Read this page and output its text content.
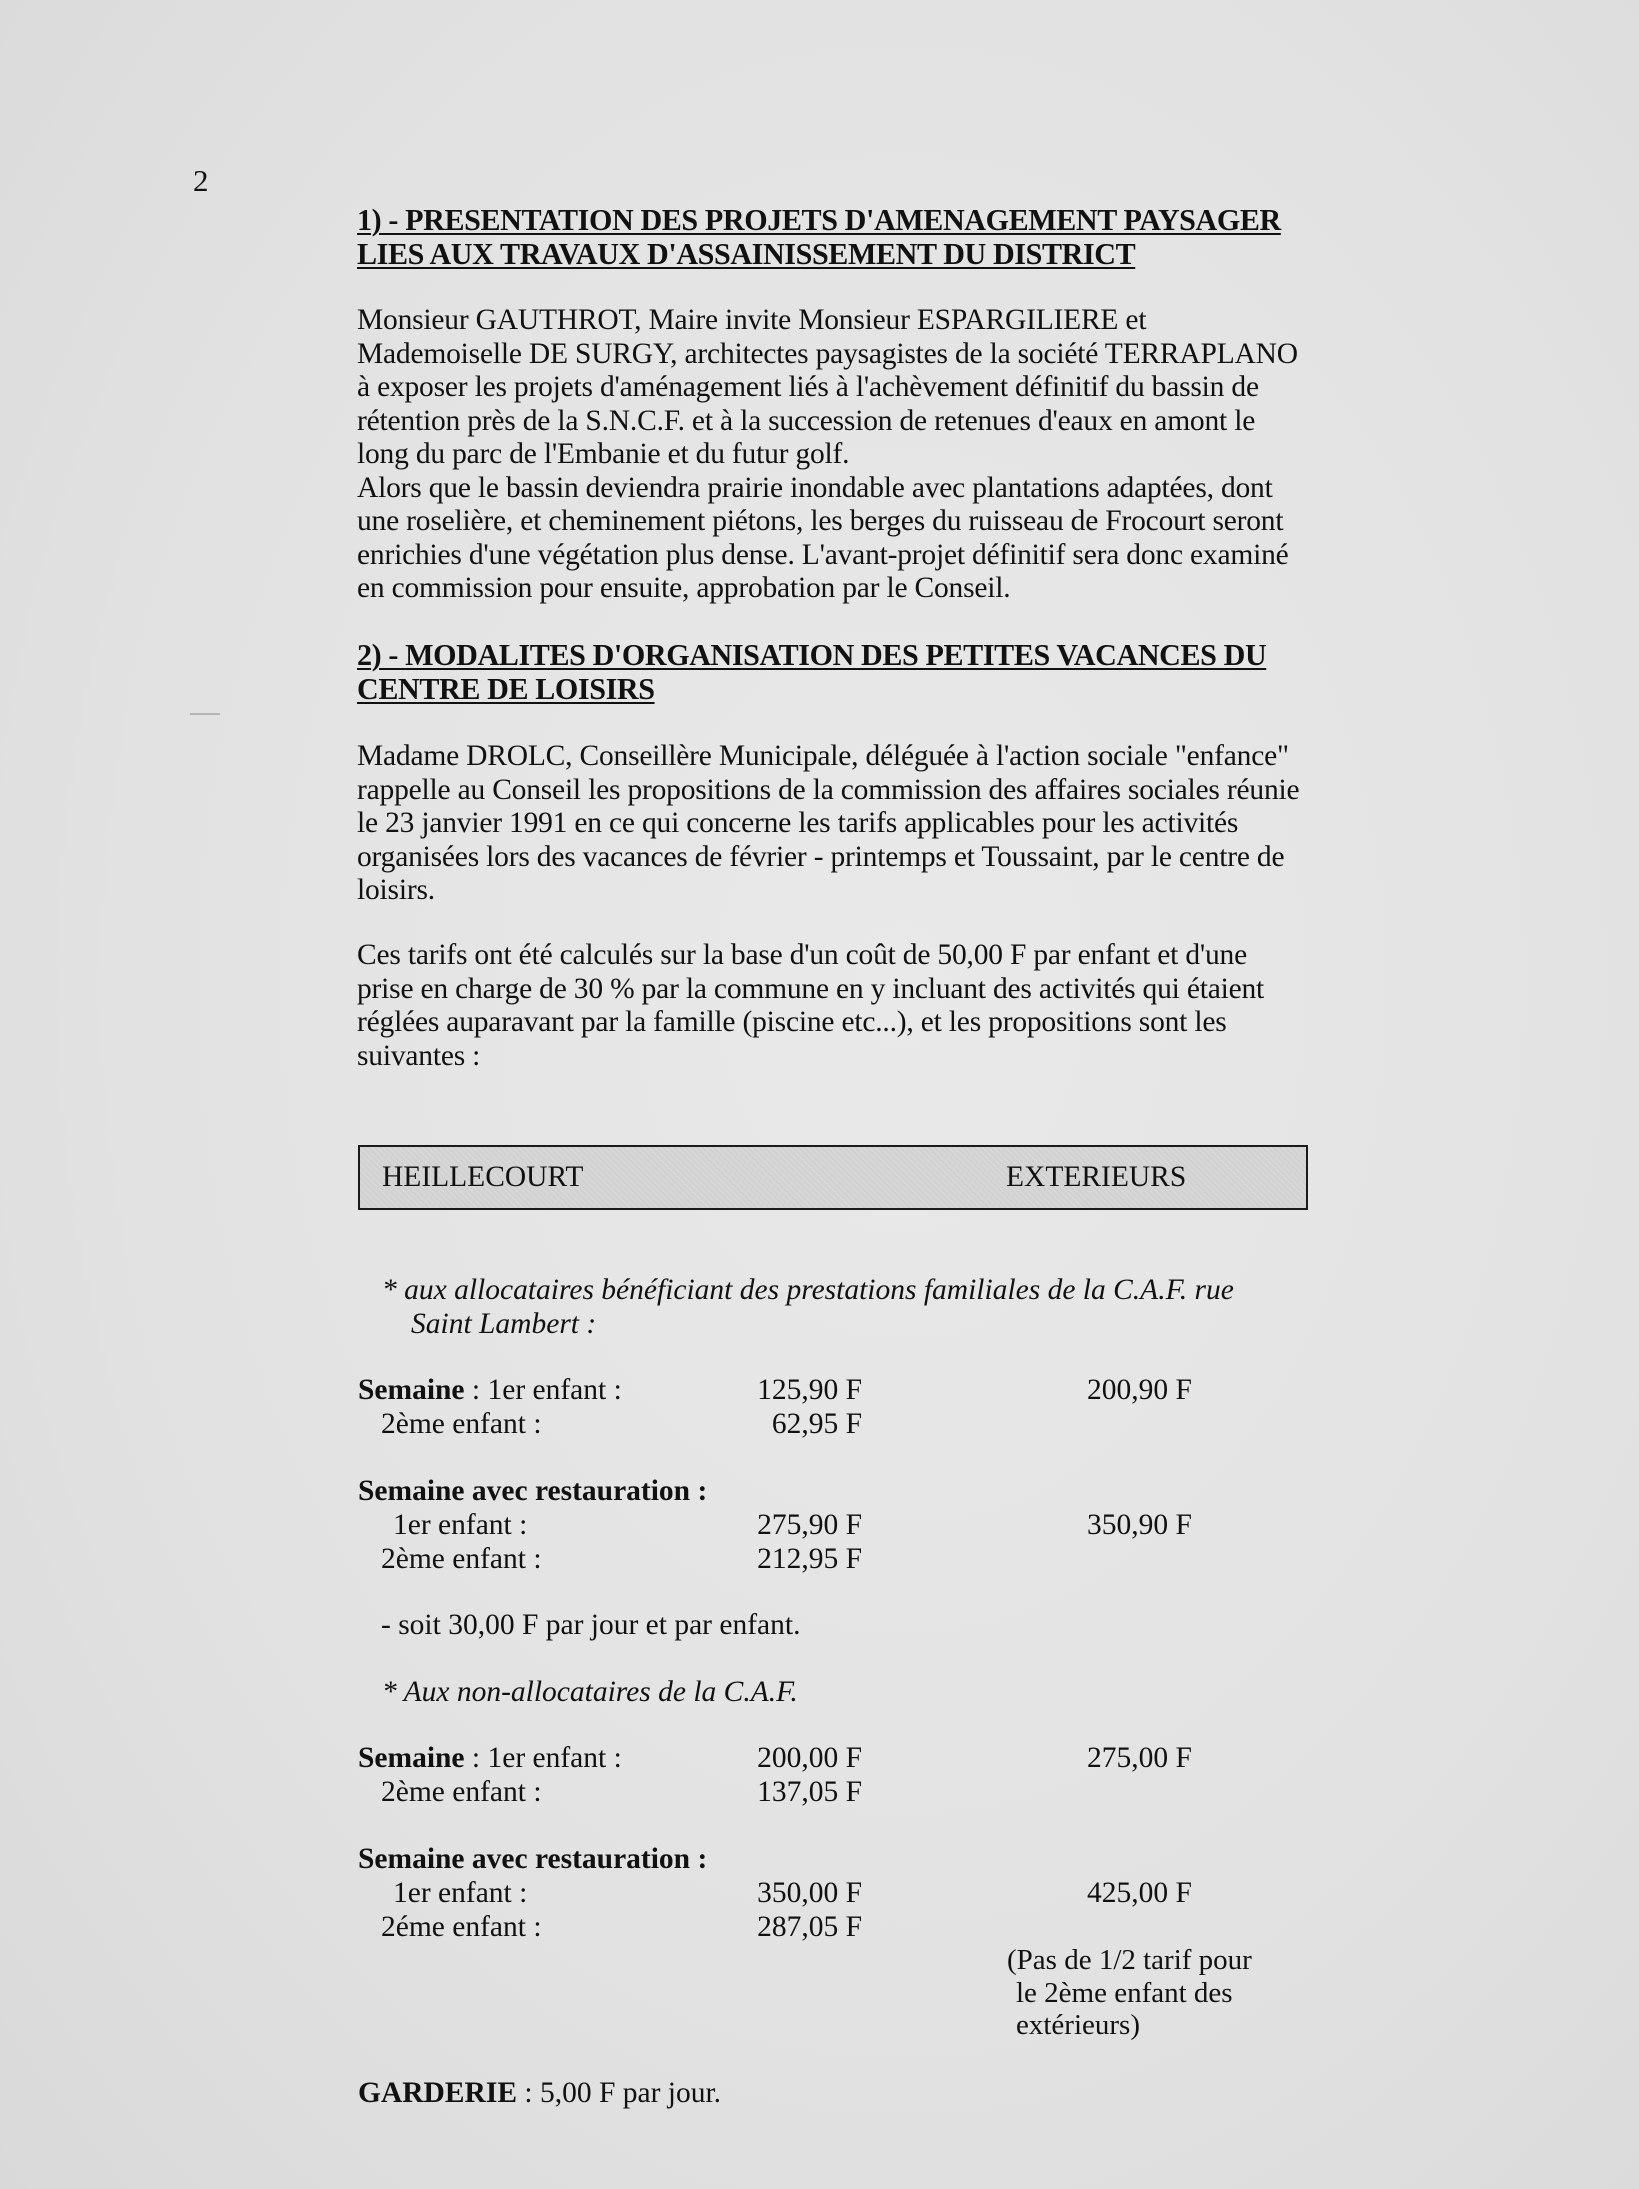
2
1) - PRESENTATION DES PROJETS D'AMENAGEMENT PAYSAGER
LIES AUX TRAVAUX D'ASSAINISSEMENT DU DISTRICT
Monsieur GAUTHROT, Maire invite Monsieur ESPARGILIERE et
Mademoiselle DE SURGY, architectes paysagistes de la société TERRAPLANO
à exposer les projets d'aménagement liés à l'achèvement définitif du bassin de
rétention près de la S.N.C.F. et à la succession de retenues d'eaux en amont le
long du parc de l'Embanie et du futur golf.
Alors que le bassin deviendra prairie inondable avec plantations adaptées, dont
une roselière, et cheminement piétons, les berges du ruisseau de Frocourt seront
enrichies d'une végétation plus dense. L'avant-projet définitif sera donc examiné
en commission pour ensuite, approbation par le Conseil.
2) - MODALITES D'ORGANISATION DES PETITES VACANCES DU
CENTRE DE LOISIRS
Madame DROLC, Conseillère Municipale, déléguée à l'action sociale "enfance"
rappelle au Conseil les propositions de la commission des affaires sociales réunie
le 23 janvier 1991 en ce qui concerne les tarifs applicables pour les activités
organisées lors des vacances de février - printemps et Toussaint, par le centre de
loisirs.
Ces tarifs ont été calculés sur la base d'un coût de 50,00 F par enfant et d'une
prise en charge de 30 % par la commune en y incluant des activités qui étaient
réglées auparavant par la famille (piscine etc...), et les propositions sont les
suivantes :
HEILLECOURT	EXTERIEURS
* aux allocataires bénéficiant des prestations familiales de la C.A.F. rue
Saint Lambert :
Semaine : 1er enfant :	125,90 F	200,90 F
2ème enfant :	62,95 F
Semaine avec restauration :
1er enfant :	275,90 F	350,90 F
2ème enfant :	212,95 F
- soit 30,00 F par jour et par enfant.
* Aux non-allocataires de la C.A.F.
Semaine : 1er enfant :	200,00 F	275,00 F
2ème enfant :	137,05 F
Semaine avec restauration :
1er enfant :	350,00 F	425,00 F
2éme enfant :	287,05 F
(Pas de 1/2 tarif pour
le 2ème enfant des
extérieurs)
GARDERIE : 5,00 F par jour.
